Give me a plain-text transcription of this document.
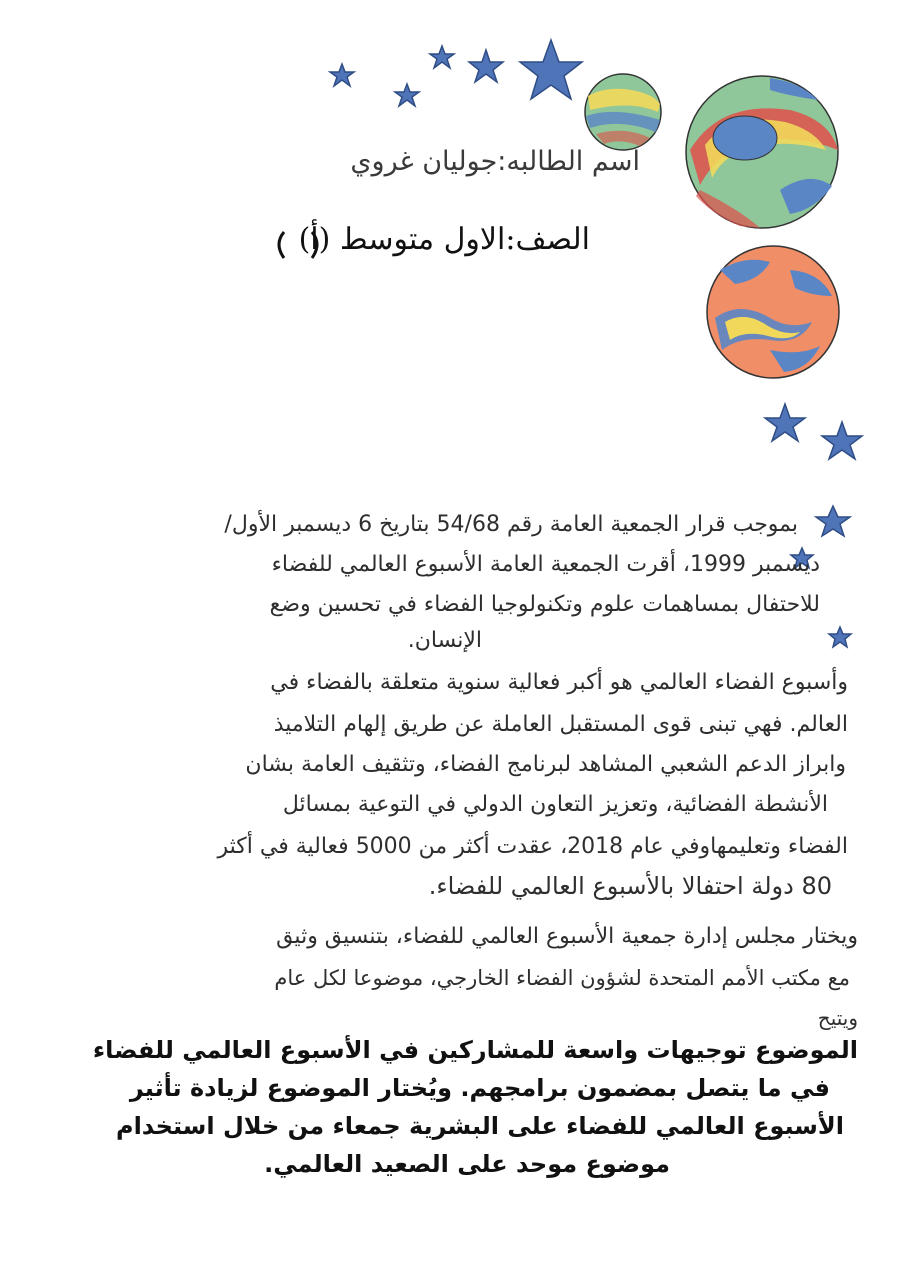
اسم الطالبه:جوليان غروي
الصف:الاول متوسط (أ)
بموجب قرار الجمعية العامة رقم 54/68 بتاريخ 6 ديسمبر الأول/
ديسمبر 1999، أقرت الجمعية العامة الأسبوع العالمي للفضاء
للاحتفال بمساهمات علوم وتكنولوجيا الفضاء في تحسين وضع
الإنسان.
وأسبوع الفضاء العالمي هو أكبر فعالية سنوية متعلقة بالفضاء في
العالم. فهي تبنى قوى المستقبل العاملة عن طريق إلهام التلاميذ
وابراز الدعم الشعبي المشاهد لبرنامج الفضاء، وتثقيف العامة بشان
الأنشطة الفضائية، وتعزيز التعاون الدولي في التوعية بمسائل
الفضاء وتعليمهاوفي عام 2018، عقدت أكثر من 5000 فعالية في أكثر
80 دولة احتفالا بالأسبوع العالمي للفضاء.
ويختار مجلس إدارة جمعية الأسبوع العالمي للفضاء، بتنسيق وثيق
مع مكتب الأمم المتحدة لشؤون الفضاء الخارجي، موضوعا لكل عام
ويتيح
الموضوع توجيهات واسعة للمشاركين في الأسبوع العالمي للفضاء
في ما يتصل بمضمون برامجهم. ويُختار الموضوع لزيادة تأثير
الأسبوع العالمي للفضاء على البشرية جمعاء من خلال استخدام
موضوع موحد على الصعيد العالمي.
